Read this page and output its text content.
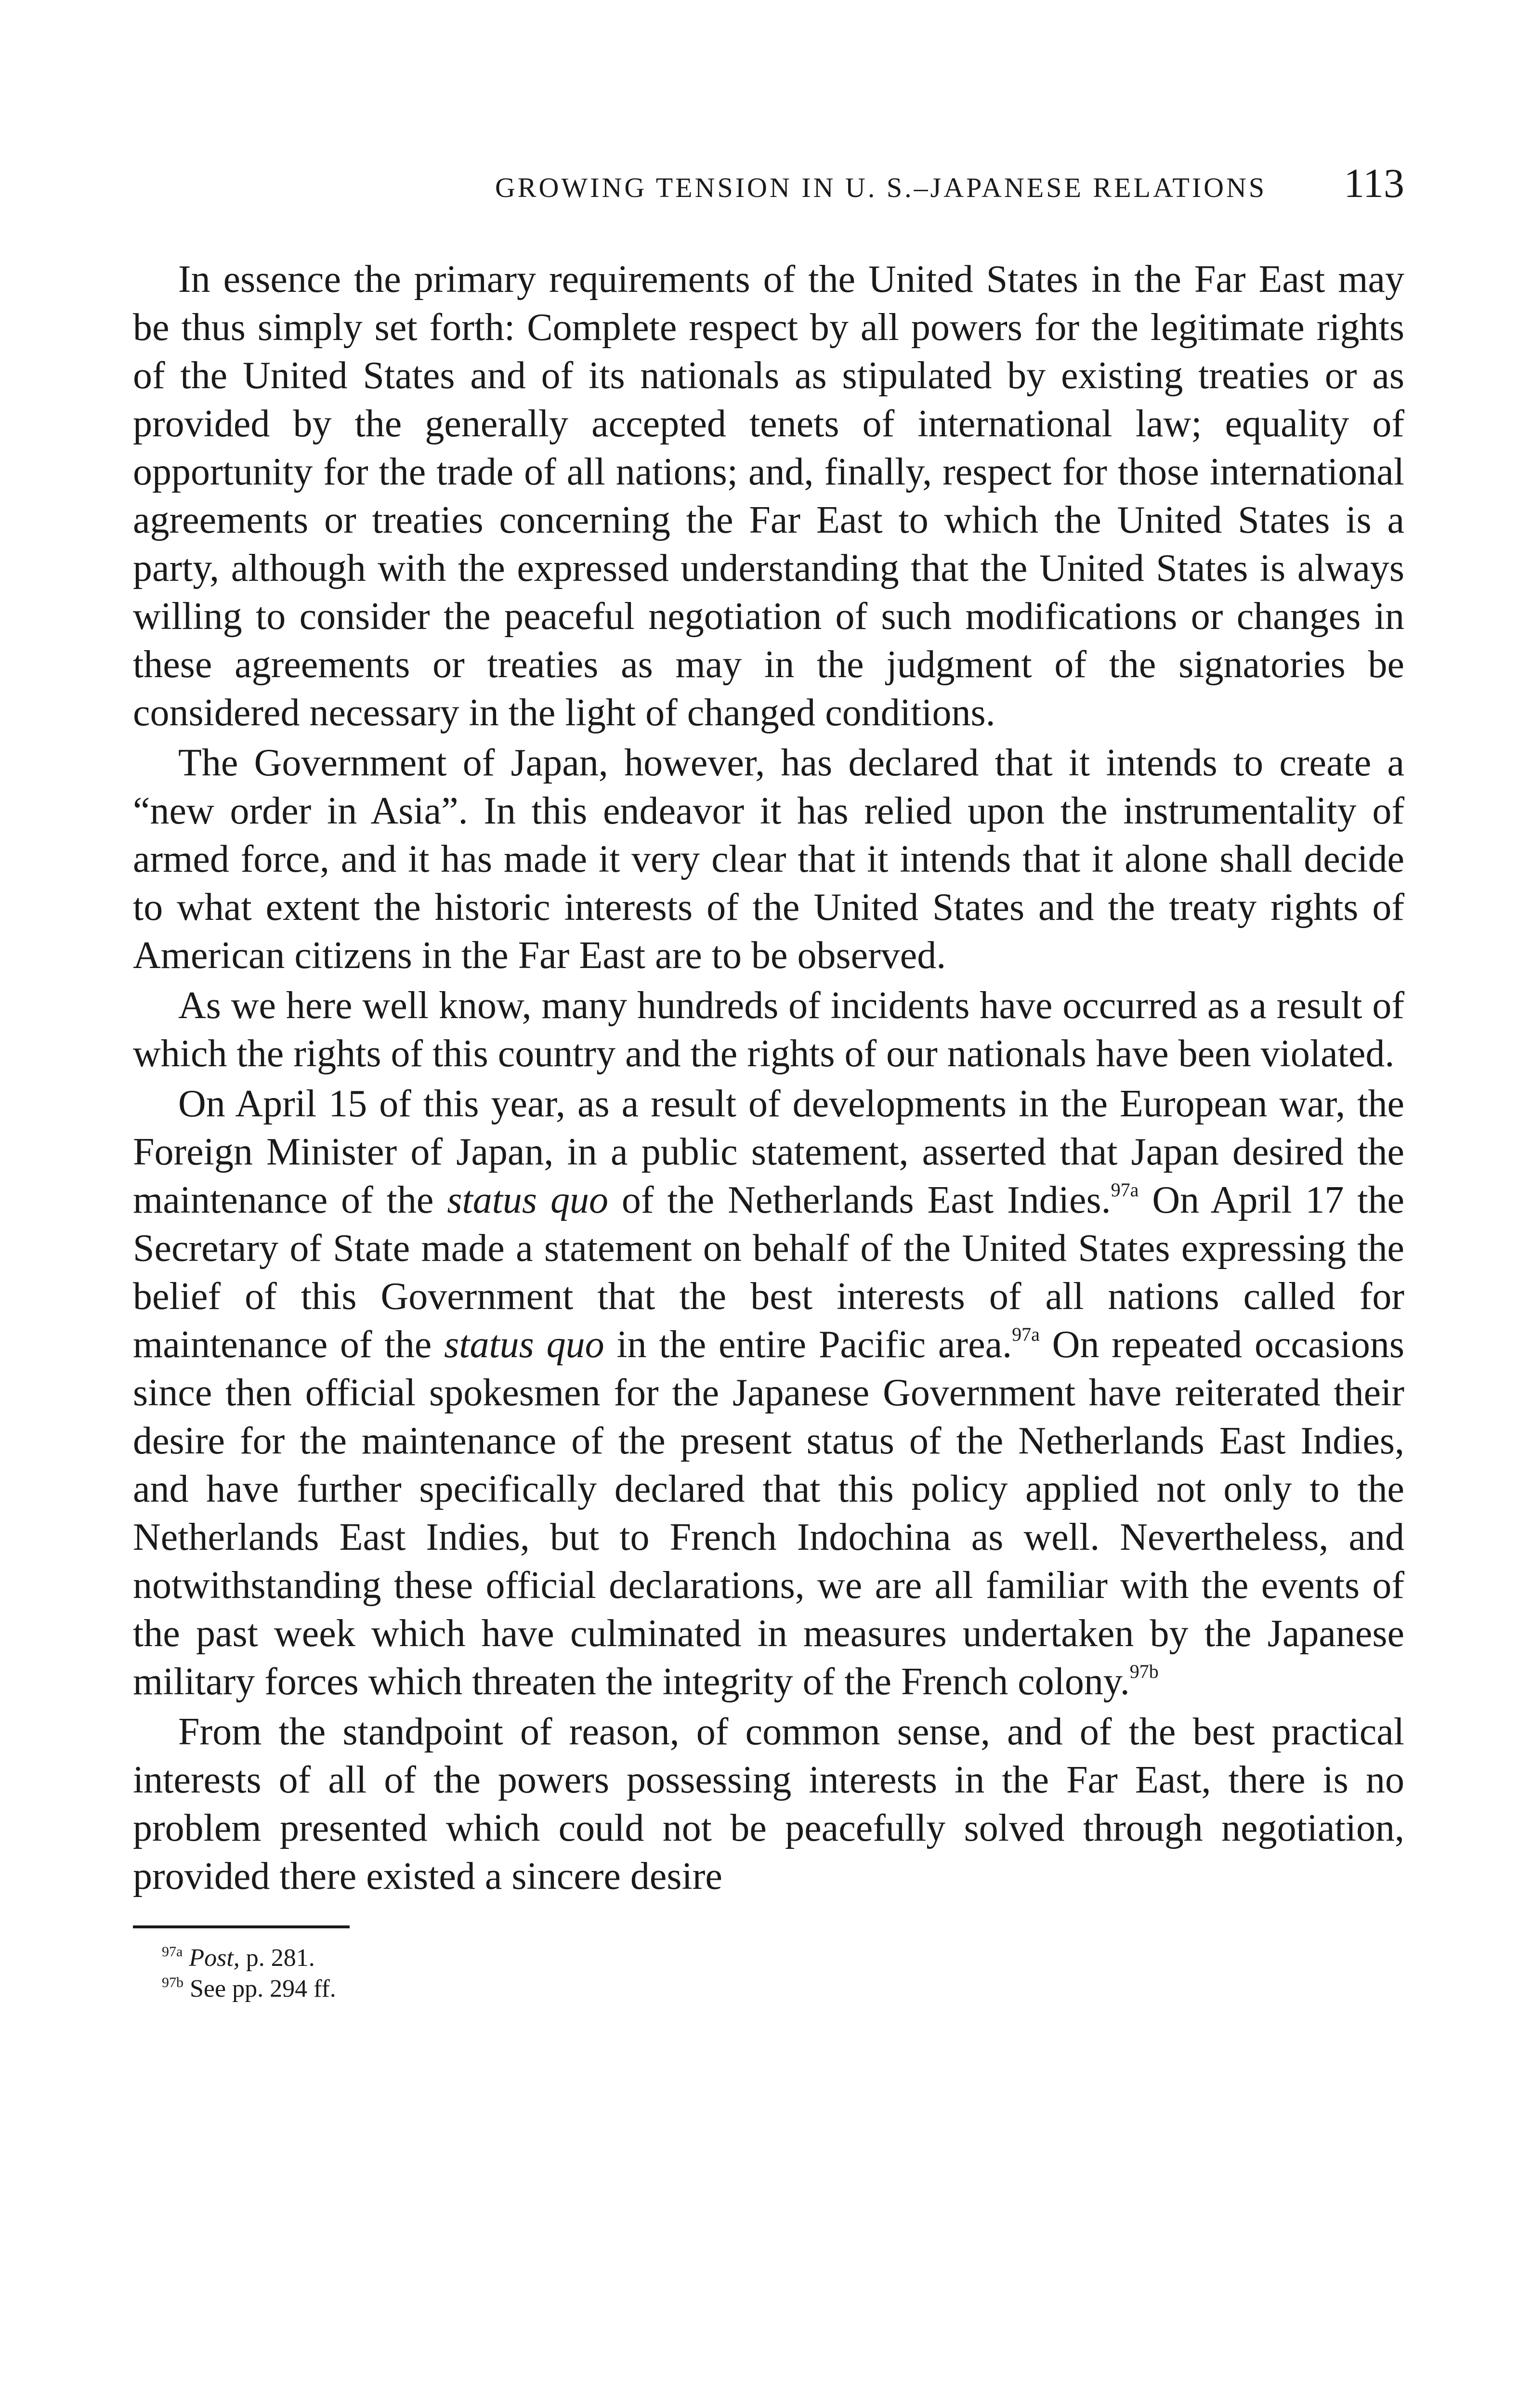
GROWING TENSION IN U. S.–JAPANESE RELATIONS 113

In essence the primary requirements of the United States in the Far East may be thus simply set forth: Complete respect by all powers for the legitimate rights of the United States and of its nationals as stipulated by existing treaties or as provided by the generally accepted tenets of international law; equality of opportunity for the trade of all nations; and, finally, respect for those international agreements or treaties concerning the Far East to which the United States is a party, although with the expressed understanding that the United States is always willing to consider the peaceful negotiation of such modifications or changes in these agreements or treaties as may in the judgment of the signatories be considered necessary in the light of changed conditions.

The Government of Japan, however, has declared that it intends to create a “new order in Asia”. In this endeavor it has relied upon the instrumentality of armed force, and it has made it very clear that it intends that it alone shall decide to what extent the historic interests of the United States and the treaty rights of American citizens in the Far East are to be observed.

As we here well know, many hundreds of incidents have occurred as a result of which the rights of this country and the rights of our nationals have been violated.

On April 15 of this year, as a result of developments in the European war, the Foreign Minister of Japan, in a public statement, asserted that Japan desired the maintenance of the status quo of the Netherlands East Indies.$^{97a}$ On April 17 the Secretary of State made a statement on behalf of the United States expressing the belief of this Government that the best interests of all nations called for maintenance of the status quo in the entire Pacific area.$^{97a}$ On repeated occasions since then official spokesmen for the Japanese Government have reiterated their desire for the maintenance of the present status of the Netherlands East Indies, and have further specifically declared that this policy applied not only to the Netherlands East Indies, but to French Indochina as well. Nevertheless, and notwithstanding these official declarations, we are all familiar with the events of the past week which have culminated in measures undertaken by the Japanese military forces which threaten the integrity of the French colony.$^{97b}$

From the standpoint of reason, of common sense, and of the best practical interests of all of the powers possessing interests in the Far East, there is no problem presented which could not be peacefully solved through negotiation, provided there existed a sincere desire

$^{97a}$ Post, p. 281.
$^{97b}$ See pp. 294 ff.
